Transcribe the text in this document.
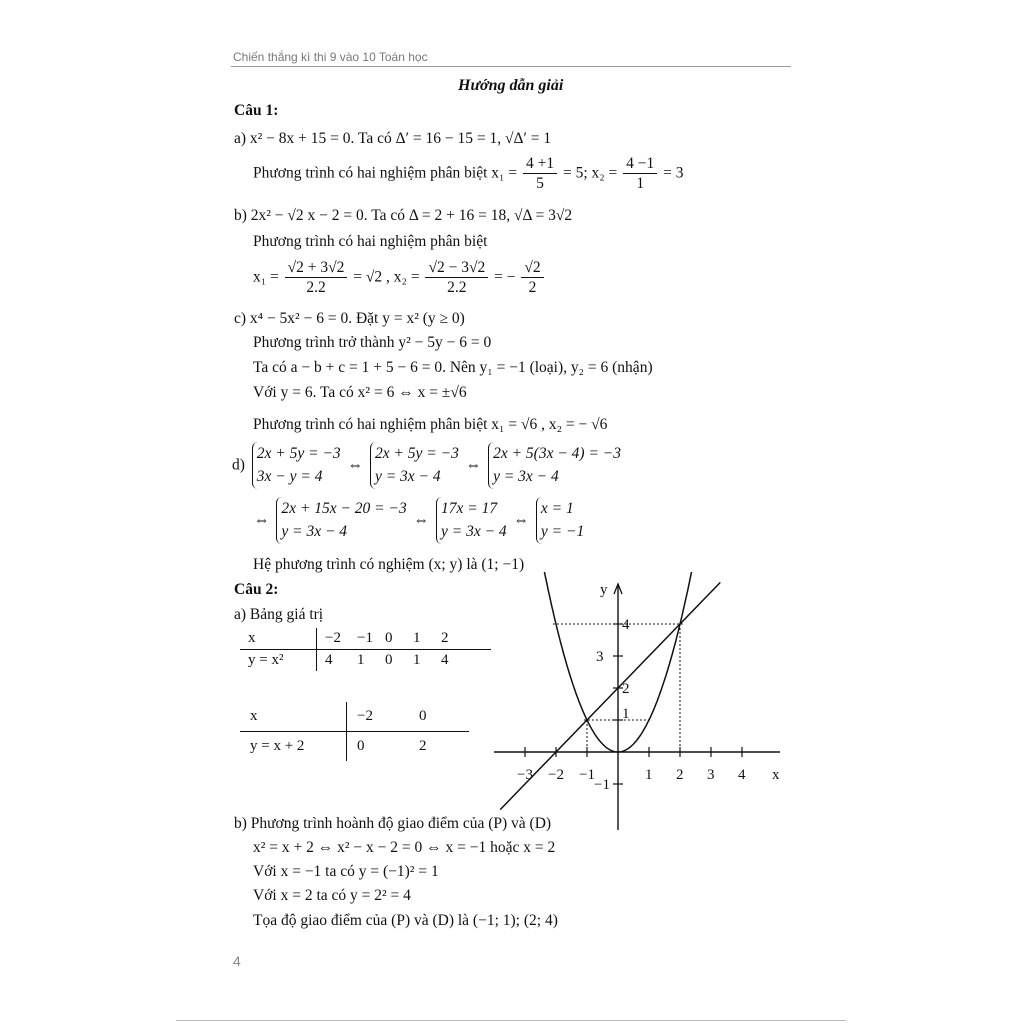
Chiến thắng kì thi 9 vào 10 Toán học
Hướng dẫn giải
Câu 1:
a) x² − 8x + 15 = 0. Ta có Δ′ = 16 − 15 = 1, √Δ′ = 1
Phương trình có hai nghiệm phân biệt $x_1 = \frac{4 +1}{5} = 5$; $x_2 = \frac{4 -1}{1} = 3$
b) 2x² − √2 x − 2 = 0. Ta có Δ = 2 + 16 = 18, √Δ = 3√2
Phương trình có hai nghiệm phân biệt
$x_1 = \frac{√2 + 3√2}{2.2} = √2$ , $x_2 = \frac{√2 - 3√2}{2.2}$ = − $\frac{√2}{2}$
c) x⁴ − 5x² − 6 = 0. Đặt y = x² (y ≥ 0)
Phương trình trở thành y² − 5y − 6 = 0
Ta có a − b + c = 1 + 5 − 6 = 0. Nên y₁ = −1 (loại), y₂ = 6 (nhận)
Với y = 6. Ta có x² = 6 ⇔ x = ±√6
Phương trình có hai nghiệm phân biệt x₁ = √6 , x₂ = − √6
d) 2x + 5y = −3
3x − y = 4 ⇔ 2x + 5y = −3
y = 3x − 4 ⇔ 2x + 5(3x − 4) = −3
y = 3x − 4
⇔ 2x + 15x − 20 = −3
y = 3x − 4 ⇔ 17x = 17
y = 3x − 4 ⇔ x = 1
y = −1
Hệ phương trình có nghiệm (x; y) là (1; −1)
Câu 2:
a) Bảng giá trị
x	−2	−1	0	1	2
y = x²	4	1	0	1	4
x	−2	0
y = x + 2	0	2
−3 −2 −1	1 2 3 4
−1
1
2
3
4
x
y
b) Phương trình hoành độ giao điểm của (P) và (D)
x² = x + 2 ⇔ x² − x − 2 = 0 ⇔ x = −1 hoặc x = 2
Với x = −1 ta có y = (−1)² = 1
Với x = 2 ta có y = 2² = 4
Tọa độ giao điểm của (P) và (D) là (−1; 1); (2; 4)
4
